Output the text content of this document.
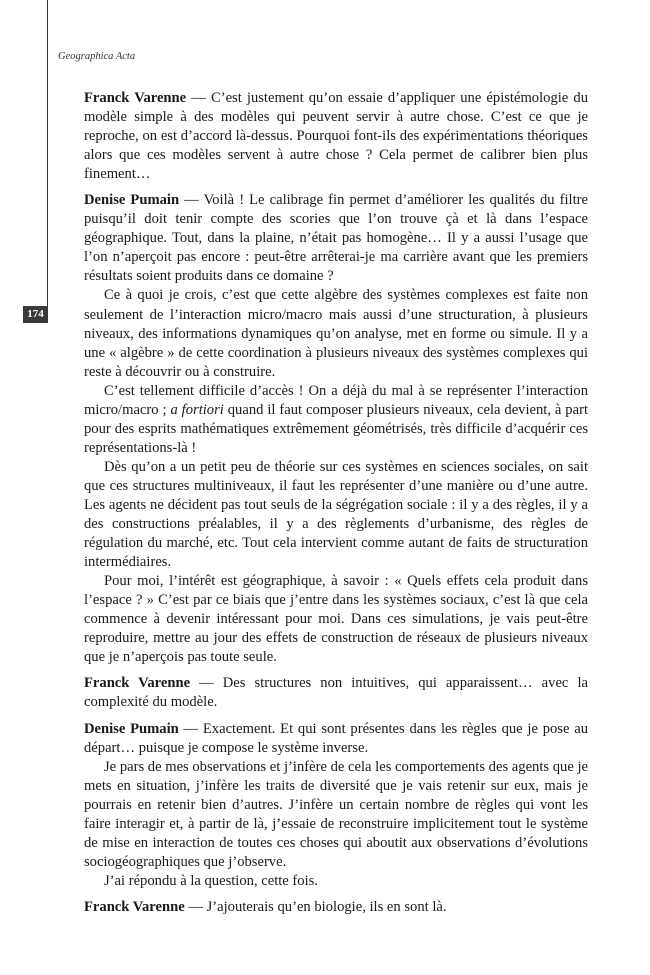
Geographica Acta
174

Franck Varenne — C’est justement qu’on essaie d’appliquer une épistémologie du modèle simple à des modèles qui peuvent servir à autre chose. C’est ce que je reproche, on est d’accord là-dessus. Pourquoi font-ils des expérimentations théoriques alors que ces modèles servent à autre chose ? Cela permet de calibrer bien plus finement…

Denise Pumain — Voilà ! Le calibrage fin permet d’améliorer les qualités du filtre puisqu’il doit tenir compte des scories que l’on trouve çà et là dans l’espace géographique. Tout, dans la plaine, n’était pas homogène… Il y a aussi l’usage que l’on n’aperçoit pas encore : peut-être arrêterai-je ma carrière avant que les premiers résultats soient produits dans ce domaine ?

Ce à quoi je crois, c’est que cette algèbre des systèmes complexes est faite non seulement de l’interaction micro/macro mais aussi d’une structuration, à plusieurs niveaux, des informations dynamiques qu’on analyse, met en forme ou simule. Il y a une « algèbre » de cette coordination à plusieurs niveaux des systèmes complexes qui reste à découvrir ou à construire.

C’est tellement difficile d’accès ! On a déjà du mal à se représenter l’interaction micro/macro ; a fortiori quand il faut composer plusieurs niveaux, cela devient, à part pour des esprits mathématiques extrêmement géométrisés, très difficile d’acquérir ces représentations-là !

Dès qu’on a un petit peu de théorie sur ces systèmes en sciences sociales, on sait que ces structures multiniveaux, il faut les représenter d’une manière ou d’une autre. Les agents ne décident pas tout seuls de la ségrégation sociale : il y a des règles, il y a des constructions préalables, il y a des règlements d’urbanisme, des règles de régulation du marché, etc. Tout cela intervient comme autant de faits de structuration intermédiaires.

Pour moi, l’intérêt est géographique, à savoir : « Quels effets cela produit dans l’espace ? » C’est par ce biais que j’entre dans les systèmes sociaux, c’est là que cela commence à devenir intéressant pour moi. Dans ces simulations, je vais peut-être reproduire, mettre au jour des effets de construction de réseaux de plusieurs niveaux que je n’aperçois pas toute seule.

Franck Varenne — Des structures non intuitives, qui apparaissent… avec la complexité du modèle.

Denise Pumain — Exactement. Et qui sont présentes dans les règles que je pose au départ… puisque je compose le système inverse.

Je pars de mes observations et j’infère de cela les comportements des agents que je mets en situation, j’infère les traits de diversité que je vais retenir sur eux, mais je pourrais en retenir bien d’autres. J’infère un certain nombre de règles qui vont les faire interagir et, à partir de là, j’essaie de reconstruire implicitement tout le système de mise en interaction de toutes ces choses qui aboutit aux observations d’évolutions sociogéographiques que j’observe.

J’ai répondu à la question, cette fois.

Franck Varenne — J’ajouterais qu’en biologie, ils en sont là.
